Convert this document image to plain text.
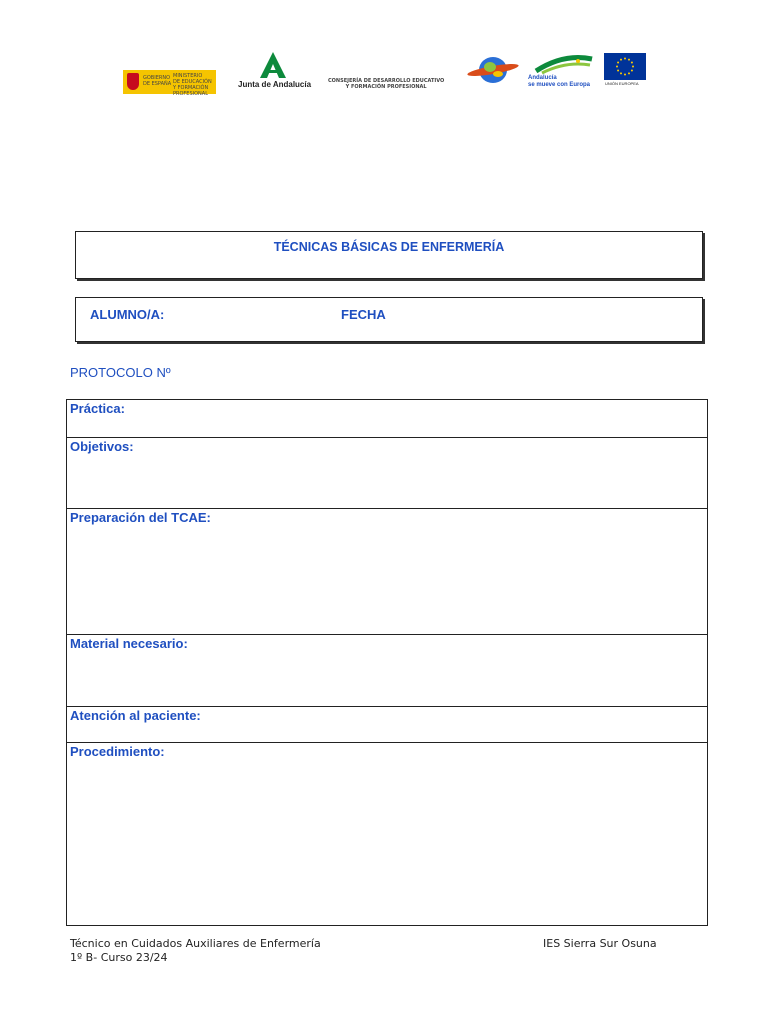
GOBIERNO
DE ESPAÑA
MINISTERIO
DE EDUCACIÓN
Y FORMACIÓN PROFESIONAL
Junta de Andalucía	CONSEJERÍA DE DESARROLLO EDUCATIVO
Y FORMACIÓN PROFESIONAL
Andalucía
se mueve con Europa	UNIÓN EUROPEA
TÉCNICAS BÁSICAS DE ENFERMERÍA
ALUMNO/A:	FECHA
PROTOCOLO Nº
Práctica:
Objetivos:
Preparación del TCAE:
Material necesario:
Atención al paciente:
Procedimiento:
Técnico en Cuidados Auxiliares de Enfermería
1º B- Curso 23/24
IES Sierra Sur Osuna
